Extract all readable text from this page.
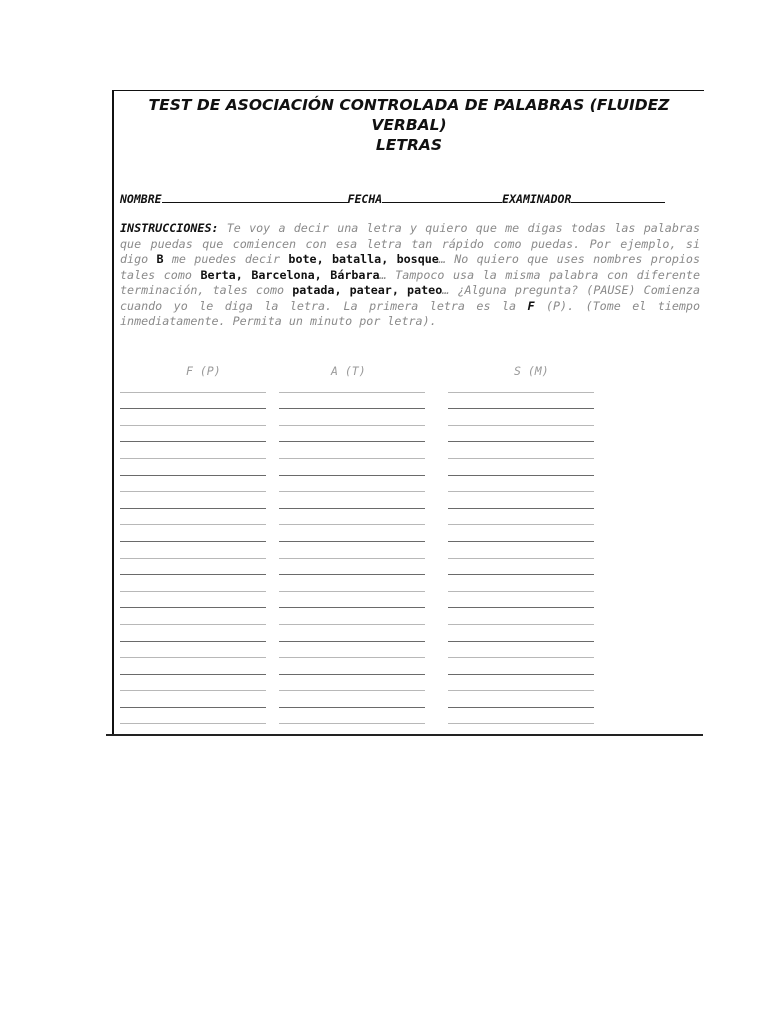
TEST DE ASOCIACIÓN CONTROLADA DE PALABRAS (FLUIDEZ
VERBAL)
LETRAS
NOMBRE	FECHA	EXAMINADOR
INSTRUCCIONES: Te voy a decir una letra y quiero que me digas todas las palabras que puedas que comiencen con esa letra tan rápido como puedas. Por ejemplo, si digo B me puedes decir bote, batalla, bosque… No quiero que uses nombres propios tales como Berta, Barcelona, Bárbara… Tampoco usa la misma palabra con diferente terminación, tales como patada, patear, pateo… ¿Alguna pregunta? (PAUSE) Comienza cuando yo le diga la letra. La primera letra es la F (P). (Tome el tiempo inmediatamente. Permita un minuto por letra).
F (P)	A (T)	S (M)
